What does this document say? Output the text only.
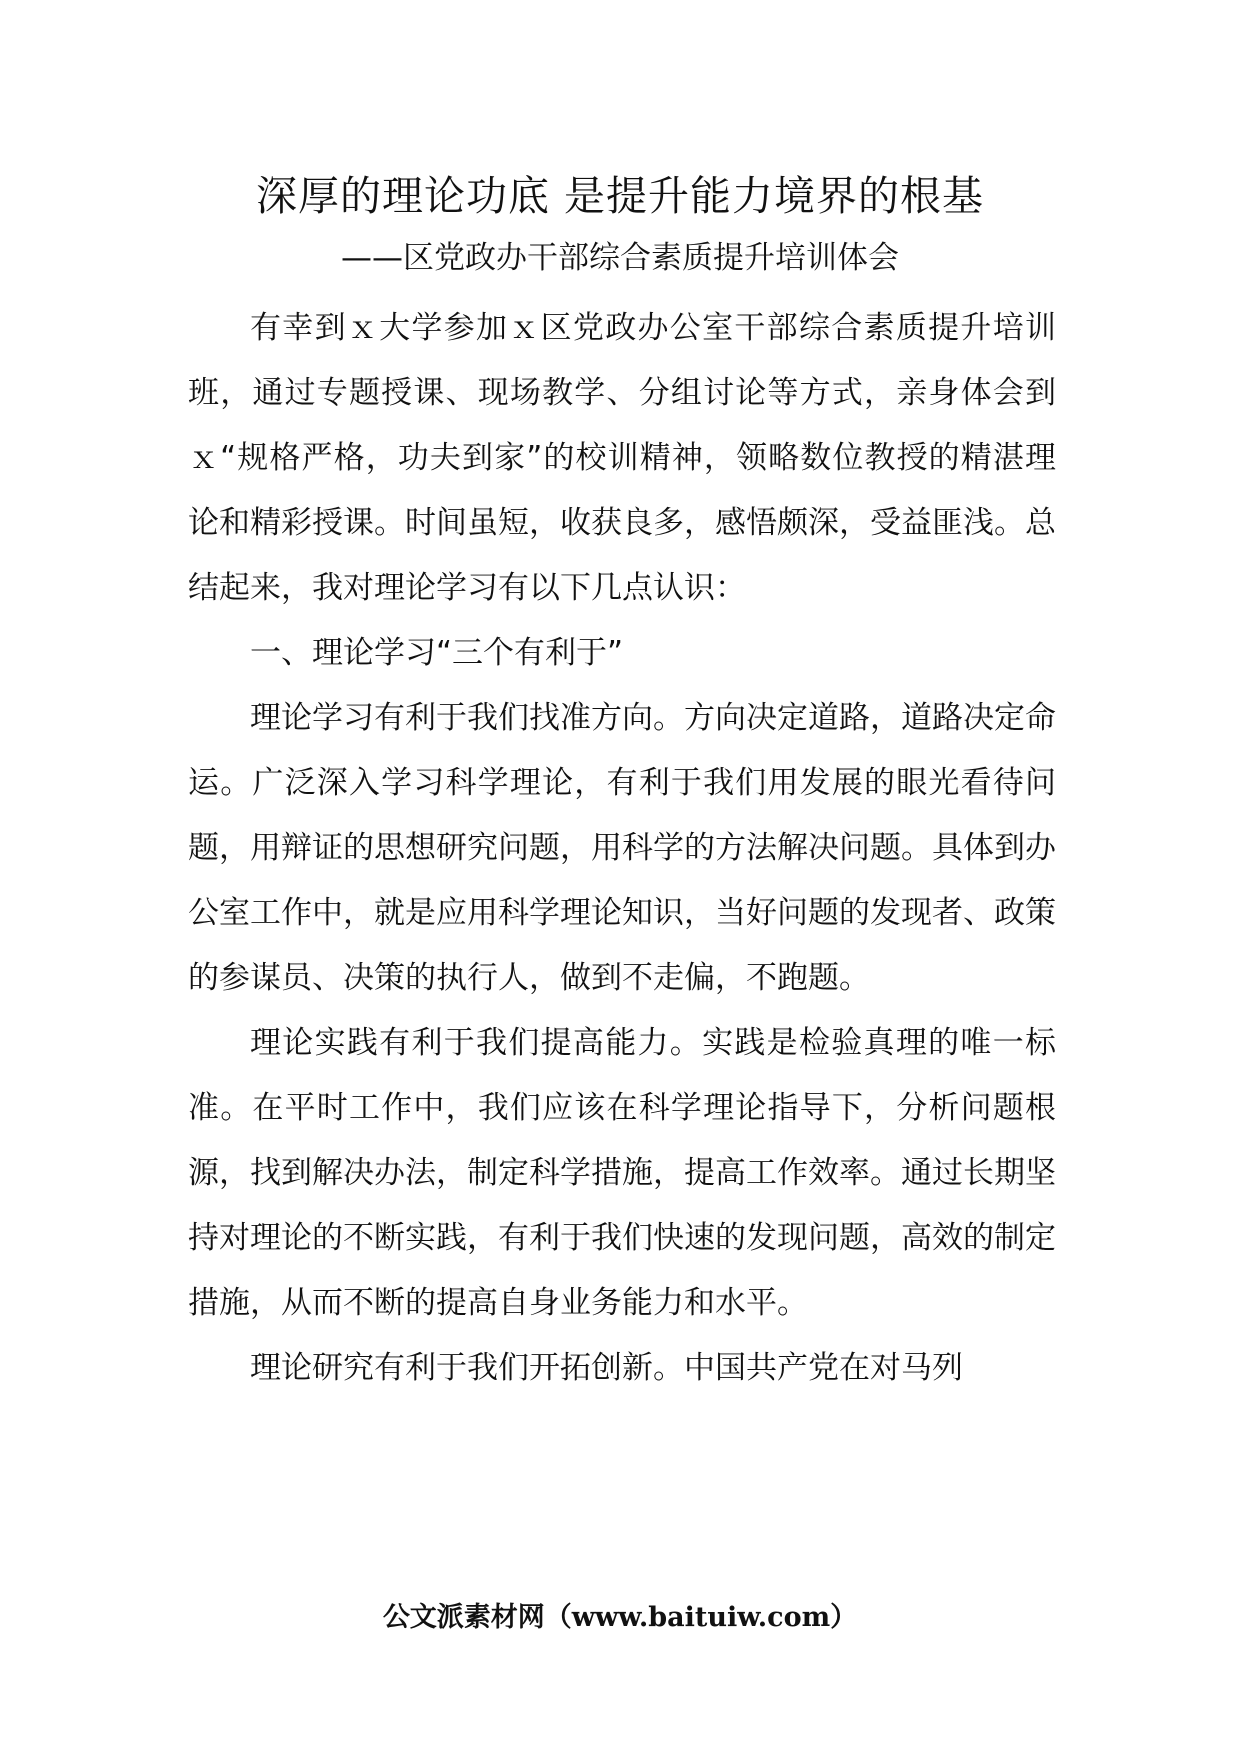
深厚的理论功底 是提升能力境界的根基
——区党政办干部综合素质提升培训体会

有幸到ｘ大学参加ｘ区党政办公室干部综合素质提升培训班，通过专题授课、现场教学、分组讨论等方式，亲身体会到ｘ“规格严格，功夫到家”的校训精神，领略数位教授的精湛理论和精彩授课。时间虽短，收获良多，感悟颇深，受益匪浅。总结起来，我对理论学习有以下几点认识：

一、理论学习“三个有利于”

理论学习有利于我们找准方向。方向决定道路，道路决定命运。广泛深入学习科学理论，有利于我们用发展的眼光看待问题，用辩证的思想研究问题，用科学的方法解决问题。具体到办公室工作中，就是应用科学理论知识，当好问题的发现者、政策的参谋员、决策的执行人，做到不走偏，不跑题。

理论实践有利于我们提高能力。实践是检验真理的唯一标准。在平时工作中，我们应该在科学理论指导下，分析问题根源，找到解决办法，制定科学措施，提高工作效率。通过长期坚持对理论的不断实践，有利于我们快速的发现问题，高效的制定措施，从而不断的提高自身业务能力和水平。

理论研究有利于我们开拓创新。中国共产党在对马列

公文派素材网（www.baituiw.com）
